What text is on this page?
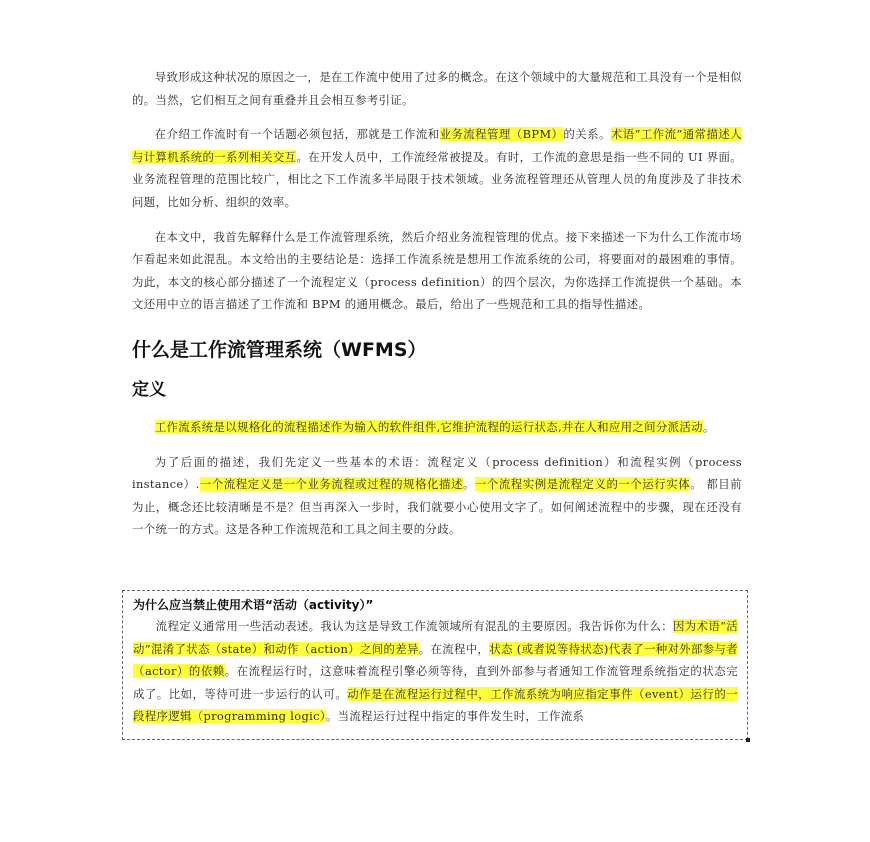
导致形成这种状况的原因之一，是在工作流中使用了过多的概念。在这个领域中的大量规范和工具没有一个是相似的。当然，它们相互之间有重叠并且会相互参考引证。

在介绍工作流时有一个话题必须包括，那就是工作流和业务流程管理（BPM）的关系。术语“工作流”通常描述人与计算机系统的一系列相关交互。在开发人员中，工作流经常被提及。有时，工作流的意思是指一些不同的 UI 界面。业务流程管理的范围比较广，相比之下工作流多半局限于技术领域。业务流程管理还从管理人员的角度涉及了非技术问题，比如分析、组织的效率。

在本文中，我首先解释什么是工作流管理系统，然后介绍业务流程管理的优点。接下来描述一下为什么工作流市场乍看起来如此混乱。本文给出的主要结论是：选择工作流系统是想用工作流系统的公司，将要面对的最困难的事情。为此，本文的核心部分描述了一个流程定义（process definition）的四个层次，为你选择工作流提供一个基础。本文还用中立的语言描述了工作流和 BPM 的通用概念。最后，给出了一些规范和工具的指导性描述。

什么是工作流管理系统（WFMS）
定义

工作流系统是以规格化的流程描述作为输入的软件组件,它维护流程的运行状态,并在人和应用之间分派活动。

为了后面的描述，我们先定义一些基本的术语：流程定义（process definition）和流程实例（process instance）.一个流程定义是一个业务流程或过程的规格化描述。一个流程实例是流程定义的一个运行实体。 都目前为止，概念还比较清晰是不是？但当再深入一步时，我们就要小心使用文字了。如何阐述流程中的步骤，现在还没有一个统一的方式。这是各种工作流规范和工具之间主要的分歧。

为什么应当禁止使用术语“活动（activity）”

流程定义通常用一些活动表述。我认为这是导致工作流领域所有混乱的主要原因。我告诉你为什么：因为术语“活动”混淆了状态（state）和动作（action）之间的差异。在流程中，状态 (或者说等待状态)代表了一种对外部参与者（actor）的依赖。在流程运行时，这意味着流程引擎必须等待，直到外部参与者通知工作流管理系统指定的状态完成了。比如，等待可进一步运行的认可。动作是在流程运行过程中，工作流系统为响应指定事件（event）运行的一段程序逻辑（programming logic）。当流程运行过程中指定的事件发生时，工作流系
